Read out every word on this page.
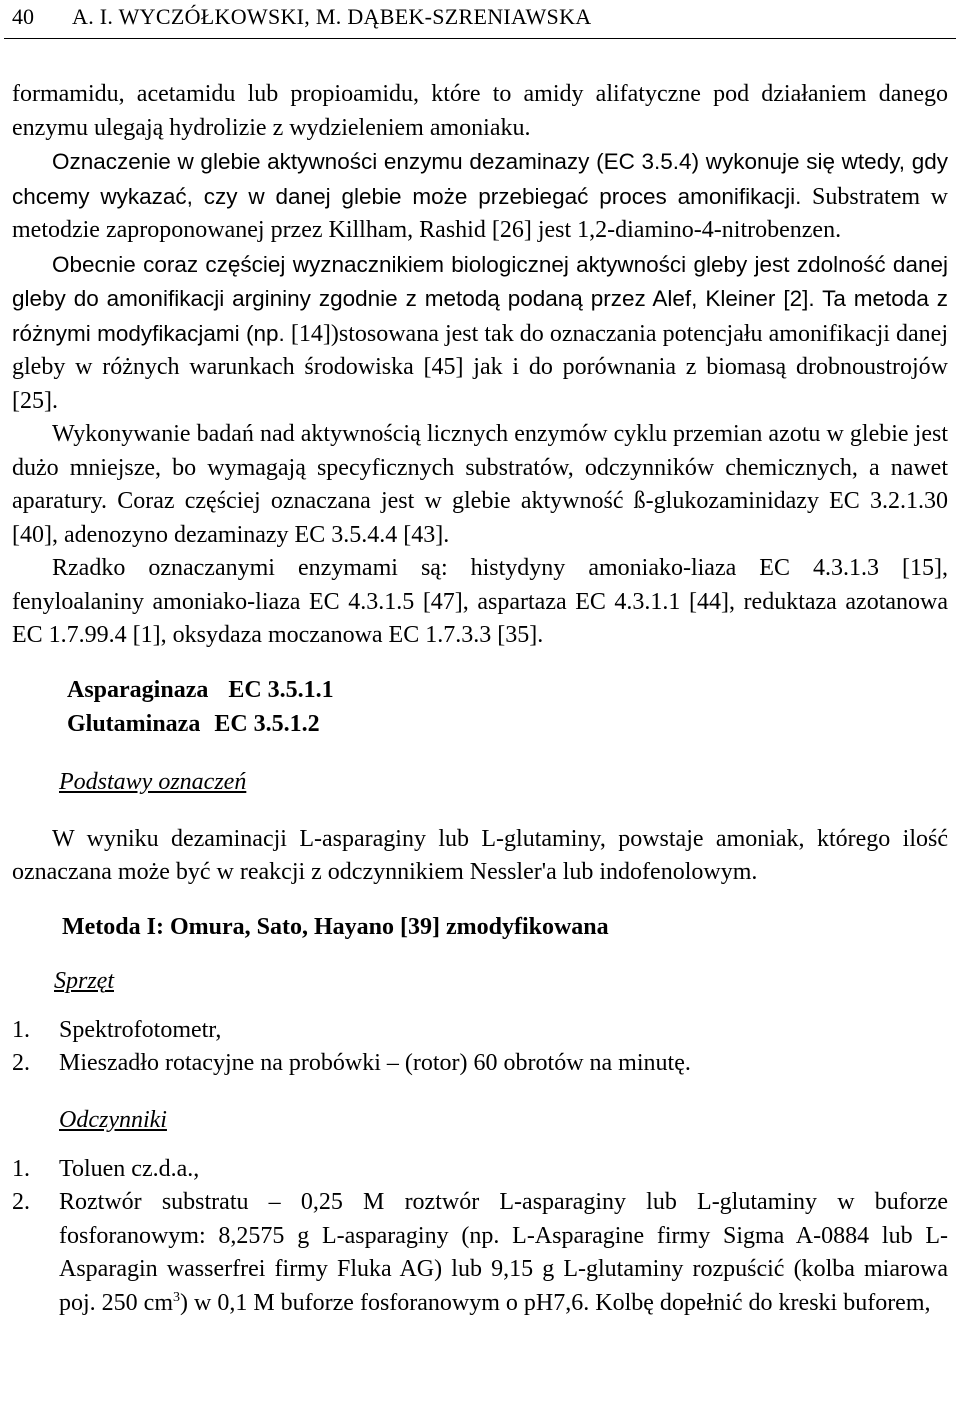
40 A. I. WYCZÓŁKOWSKI, M. DĄBEK-SZRENIAWSKA

formamidu, acetamidu lub propioamidu, które to amidy alifatyczne pod działaniem danego enzymu ulegają hydrolizie z wydzieleniem amoniaku.

Oznaczenie w glebie aktywności enzymu dezaminazy (EC 3.5.4) wykonuje się wtedy, gdy chcemy wykazać, czy w danej glebie może przebiegać proces amonifikacji. Substratem w metodzie zaproponowanej przez Killham, Rashid [26] jest 1,2-diamino-4-nitrobenzen.

Obecnie coraz częściej wyznacznikiem biologicznej aktywności gleby jest zdolność danej gleby do amonifikacji argininy zgodnie z metodą podaną przez Alef, Kleiner [2]. Ta metoda z różnymi modyfikacjami (np. [14])stosowana jest tak do oznaczania potencjału amonifikacji danej gleby w różnych warunkach środowiska [45] jak i do porównania z biomasą drobnoustrojów [25].

Wykonywanie badań nad aktywnością licznych enzymów cyklu przemian azotu w glebie jest dużo mniejsze, bo wymagają specyficznych substratów, odczynników chemicznych, a nawet aparatury. Coraz częściej oznaczana jest w glebie aktywność ß-glukozaminidazy EC 3.2.1.30 [40], adenozyno dezaminazy EC 3.5.4.4 [43].

Rzadko oznaczanymi enzymami są: histydyny amoniako-liaza EC 4.3.1.3 [15], fenyloalaniny amoniako-liaza EC 4.3.1.5 [47], aspartaza EC 4.3.1.1 [44], reduktaza azotanowa EC 1.7.99.4 [1], oksydaza moczanowa EC 1.7.3.3 [35].

Asparaginaza EC 3.5.1.1
Glutaminaza EC 3.5.1.2
Podstawy oznaczeń

W wyniku dezaminacji L-asparaginy lub L-glutaminy, powstaje amoniak, którego ilość oznaczana może być w reakcji z odczynnikiem Nessler'a lub indofenolowym.

Metoda I: Omura, Sato, Hayano [39] zmodyfikowana
Sprzęt
1. Spektrofotometr,
2. Mieszadło rotacyjne na probówki – (rotor) 60 obrotów na minutę.
Odczynniki
1. Toluen cz.d.a.,
2. Roztwór substratu – 0,25 M roztwór L-asparaginy lub L-glutaminy w buforze fosforanowym: 8,2575 g L-asparaginy (np. L-Asparagine firmy Sigma A-0884 lub L-Asparagin wasserfrei firmy Fluka AG) lub 9,15 g L-glutaminy rozpuścić (kolba miarowa poj. 250 $cm^3$) w 0,1 M buforze fosforanowym o pH7,6. Kolbę dopełnić do kreski buforem,
